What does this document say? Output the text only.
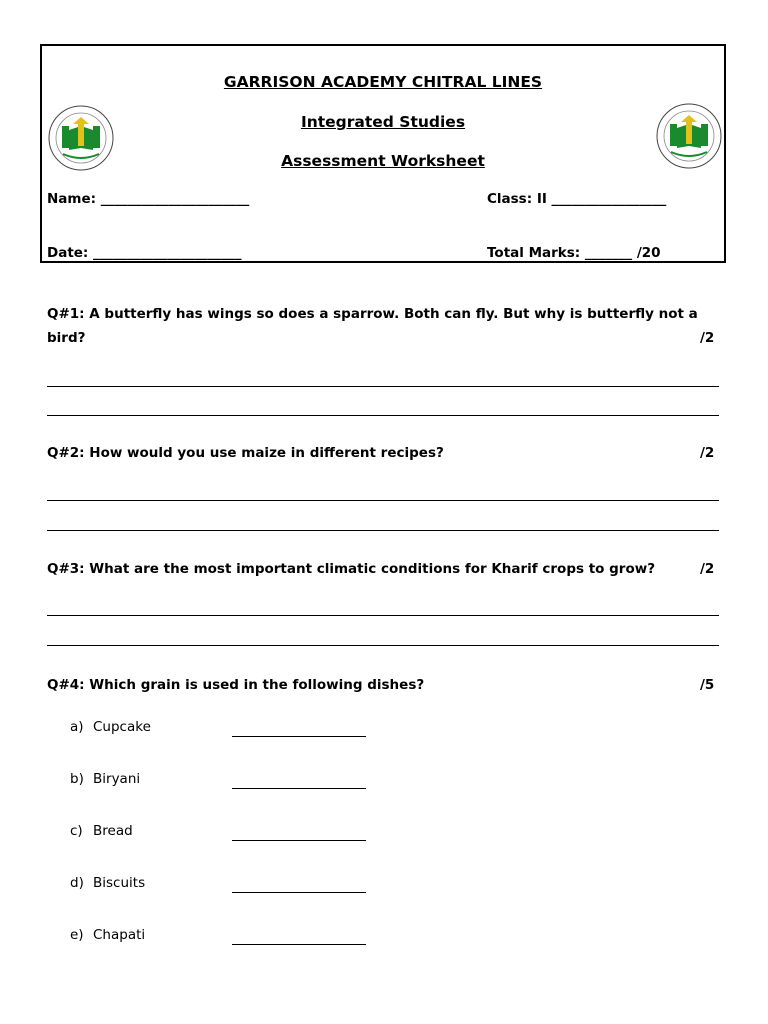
GARRISON ACADEMY CHITRAL LINES
Integrated Studies
Assessment Worksheet
Name: ______________________	Class: II _________________
Date: ______________________	Total Marks: _______ /20
Q#1: A butterfly has wings so does a sparrow. Both can fly. But why is butterfly not a
bird?	/2
Q#2: How would you use maize in different recipes?	/2
Q#3: What are the most important climatic conditions for Kharif crops to grow?	/2
Q#4: Which grain is used in the following dishes?	/5
a) Cupcake
b) Biryani
c) Bread
d) Biscuits
e) Chapati
